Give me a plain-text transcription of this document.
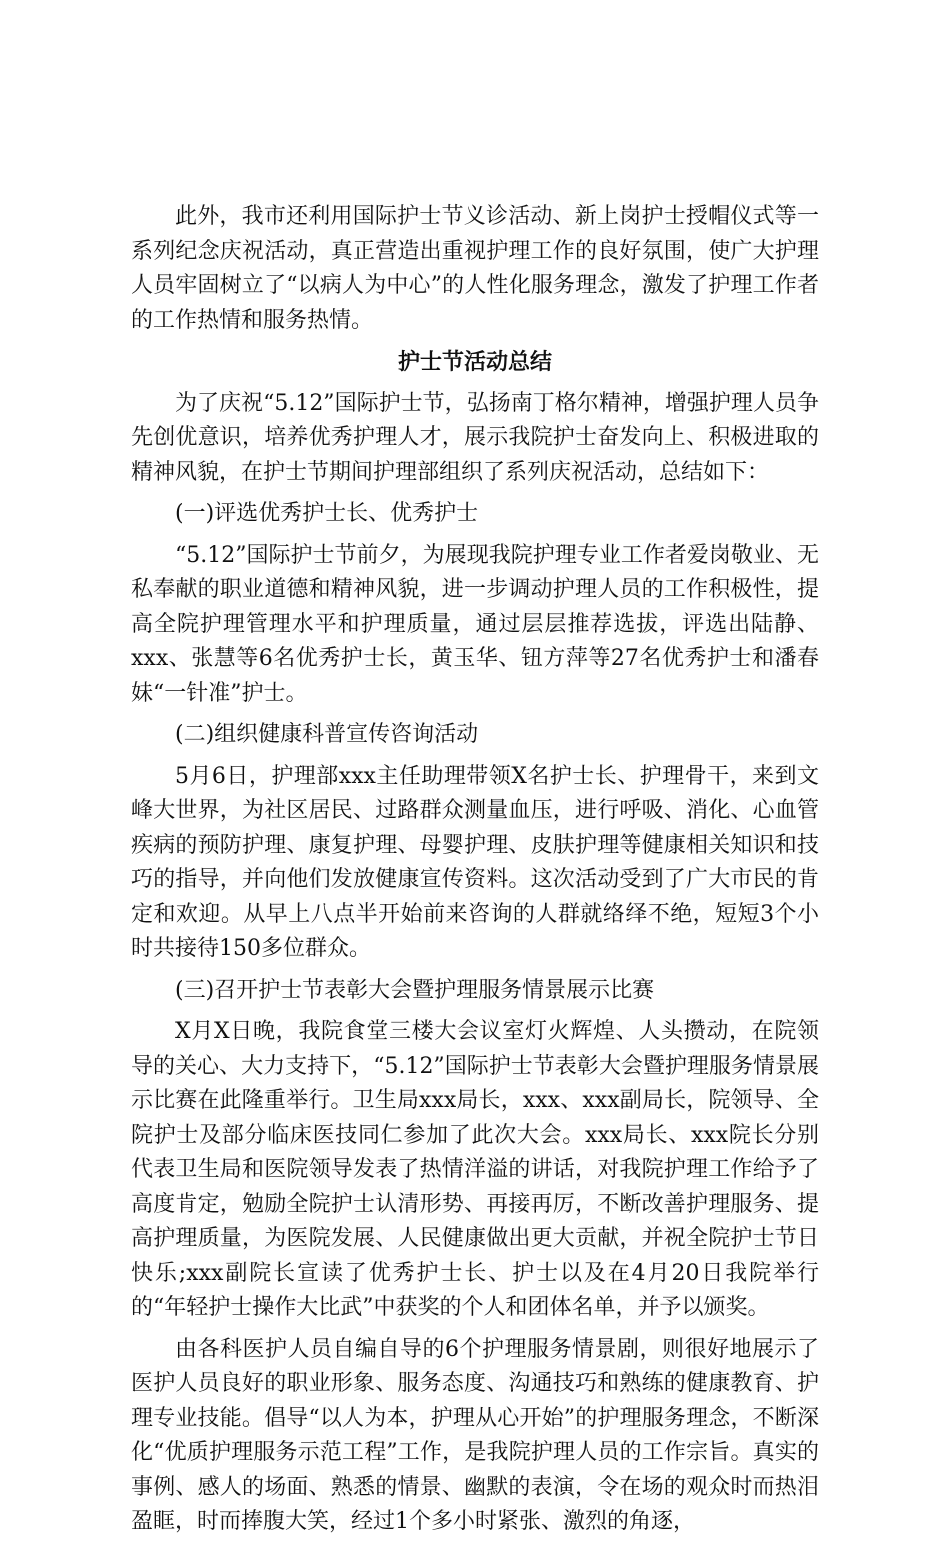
此外，我市还利用国际护士节义诊活动、新上岗护士授帽仪式等一系列纪念庆祝活动，真正营造出重视护理工作的良好氛围，使广大护理人员牢固树立了“以病人为中心”的人性化服务理念，激发了护理工作者的工作热情和服务热情。

护士节活动总结

为了庆祝“5.12”国际护士节，弘扬南丁格尔精神，增强护理人员争先创优意识，培养优秀护理人才，展示我院护士奋发向上、积极进取的精神风貌，在护士节期间护理部组织了系列庆祝活动，总结如下：

(一)评选优秀护士长、优秀护士

“5.12”国际护士节前夕，为展现我院护理专业工作者爱岗敬业、无私奉献的职业道德和精神风貌，进一步调动护理人员的工作积极性，提高全院护理管理水平和护理质量，通过层层推荐选拔，评选出陆静、xxx、张慧等6名优秀护士长，黄玉华、钮方萍等27名优秀护士和潘春妹“一针准”护士。

(二)组织健康科普宣传咨询活动

5月6日，护理部xxx主任助理带领X名护士长、护理骨干，来到文峰大世界，为社区居民、过路群众测量血压，进行呼吸、消化、心血管疾病的预防护理、康复护理、母婴护理、皮肤护理等健康相关知识和技巧的指导，并向他们发放健康宣传资料。这次活动受到了广大市民的肯定和欢迎。从早上八点半开始前来咨询的人群就络绎不绝，短短3个小时共接待150多位群众。

(三)召开护士节表彰大会暨护理服务情景展示比赛

X月X日晚，我院食堂三楼大会议室灯火辉煌、人头攒动，在院领导的关心、大力支持下，“5.12”国际护士节表彰大会暨护理服务情景展示比赛在此隆重举行。卫生局xxx局长，xxx、xxx副局长，院领导、全院护士及部分临床医技同仁参加了此次大会。xxx局长、xxx院长分别代表卫生局和医院领导发表了热情洋溢的讲话，对我院护理工作给予了高度肯定，勉励全院护士认清形势、再接再厉，不断改善护理服务、提高护理质量，为医院发展、人民健康做出更大贡献，并祝全院护士节日快乐;xxx副院长宣读了优秀护士长、护士以及在4月20日我院举行的“年轻护士操作大比武”中获奖的个人和团体名单，并予以颁奖。

由各科医护人员自编自导的6个护理服务情景剧，则很好地展示了医护人员良好的职业形象、服务态度、沟通技巧和熟练的健康教育、护理专业技能。倡导“以人为本，护理从心开始”的护理服务理念，不断深化“优质护理服务示范工程”工作，是我院护理人员的工作宗旨。真实的事例、感人的场面、熟悉的情景、幽默的表演，令在场的观众时而热泪盈眶，时而捧腹大笑，经过1个多小时紧张、激烈的角逐，
